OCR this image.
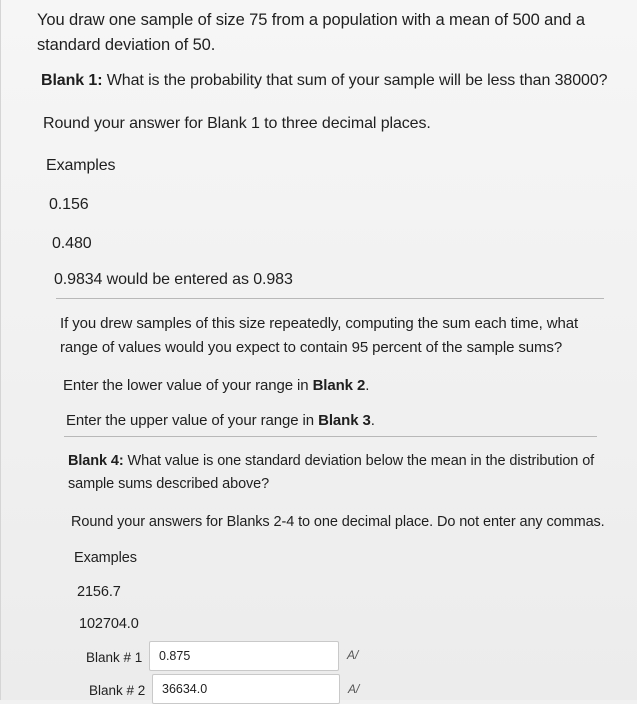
You draw one sample of size 75 from a population with a mean of 500 and a standard deviation of 50.
Blank 1: What is the probability that sum of your sample will be less than 38000?
Round your answer for Blank 1 to three decimal places.
Examples
0.156
0.480
0.9834 would be entered as 0.983
If you drew samples of this size repeatedly, computing the sum each time, what range of values would you expect to contain 95 percent of the sample sums?
Enter the lower value of your range in Blank 2.
Enter the upper value of your range in Blank 3.
Blank 4: What value is one standard deviation below the mean in the distribution of sample sums described above?
Round your answers for Blanks 2-4 to one decimal place. Do not enter any commas.
Examples
2156.7
102704.0
Blank # 1	0.875	A/
Blank # 2	36634.0	A/
